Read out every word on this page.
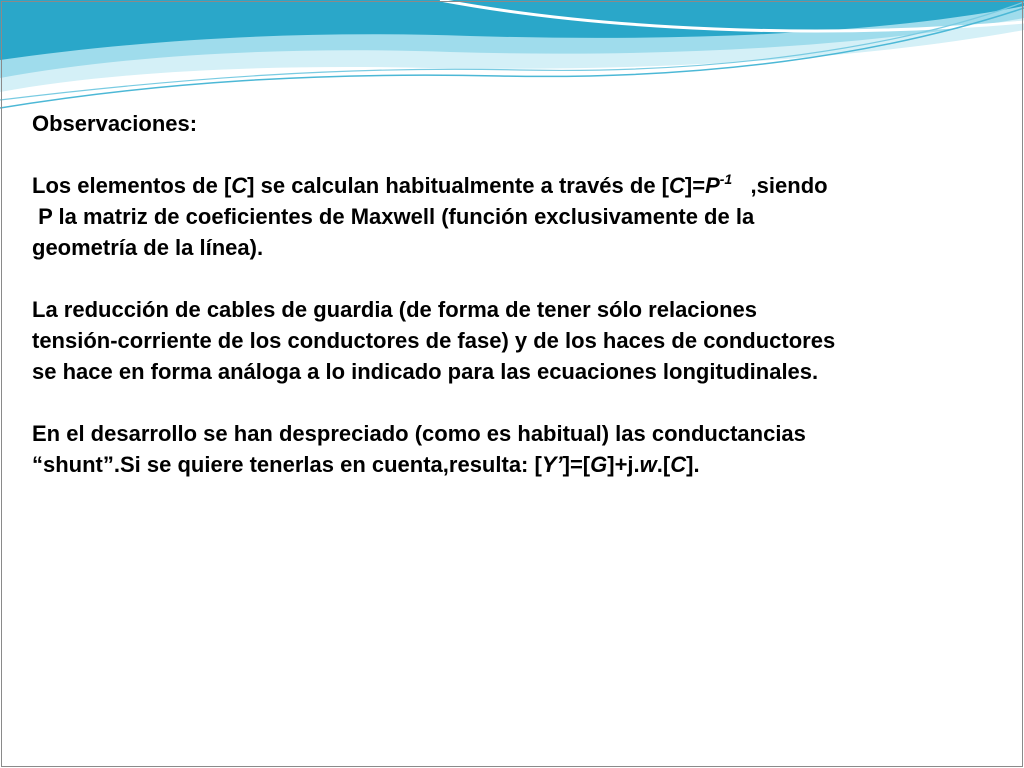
Observaciones:

Los elementos de [C] se calculan habitualmente a través de $[C]=P^{-1}$   ,siendo

P la matriz de coeficientes de Maxwell (función exclusivamente de la

geometría de la línea).

La reducción de cables de guardia (de forma de tener sólo relaciones

tensión-corriente de los conductores de fase) y de los haces de conductores

se hace en forma análoga a lo indicado para las ecuaciones longitudinales.

En el desarrollo se han despreciado (como es habitual) las conductancias

“shunt”.Si se quiere tenerlas en cuenta,resulta: [Y’]=[G]+j.w.[C].
